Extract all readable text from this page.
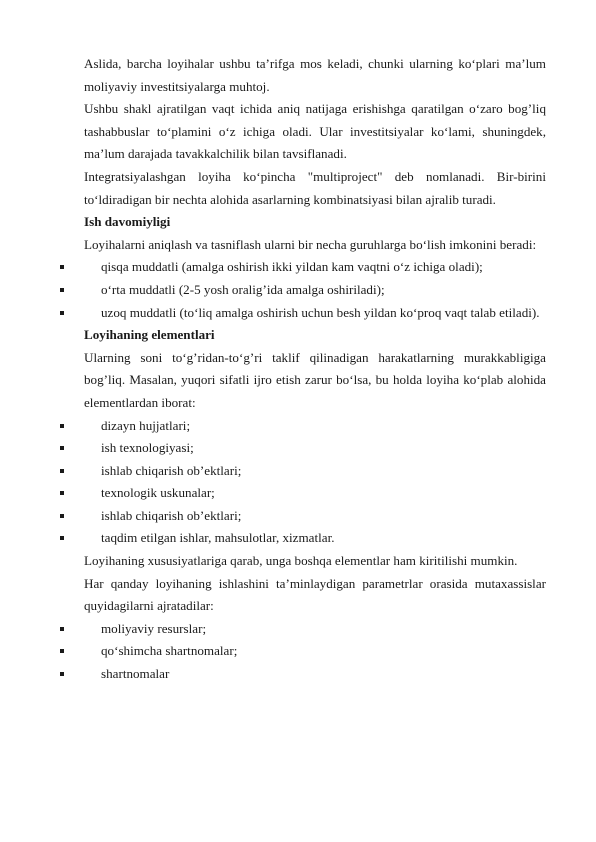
Aslida, barcha loyihalar ushbu ta’rifga mos keladi, chunki ularning ko‘plari ma’lum moliyaviy investitsiyalarga muhtoj.

Ushbu shakl ajratilgan vaqt ichida aniq natijaga erishishga qaratilgan o‘zaro bog’liq tashabbuslar to‘plamini o‘z ichiga oladi. Ular investitsiyalar ko‘lami, shuningdek, ma’lum darajada tavakkalchilik bilan tavsiflanadi.

Integratsiyalashgan loyiha ko‘pincha "multiproject" deb nomlanadi. Bir-birini to‘ldiradigan bir nechta alohida asarlarning kombinatsiyasi bilan ajralib turadi.

Ish davomiyligi

Loyihalarni aniqlash va tasniflash ularni bir necha guruhlarga bo‘lish imkonini beradi:

qisqa muddatli (amalga oshirish ikki yildan kam vaqtni o‘z ichiga oladi);
o‘rta muddatli (2-5 yosh oralig’ida amalga oshiriladi);
uzoq muddatli (to‘liq amalga oshirish uchun besh yildan ko‘proq vaqt talab etiladi).
Loyihaning elementlari

Ularning soni to‘g’ridan-to‘g’ri taklif qilinadigan harakatlarning murakkabligiga bog’liq. Masalan, yuqori sifatli ijro etish zarur bo‘lsa, bu holda loyiha ko‘plab alohida elementlardan iborat:

dizayn hujjatlari;
ish texnologiyasi;
ishlab chiqarish ob’ektlari;
texnologik uskunalar;
ishlab chiqarish ob’ektlari;
taqdim etilgan ishlar, mahsulotlar, xizmatlar.

Loyihaning xususiyatlariga qarab, unga boshqa elementlar ham kiritilishi mumkin.

Har qanday loyihaning ishlashini ta’minlaydigan parametrlar orasida mutaxassislar quyidagilarni ajratadilar:

moliyaviy resurslar;
qo‘shimcha shartnomalar;
shartnomalar
